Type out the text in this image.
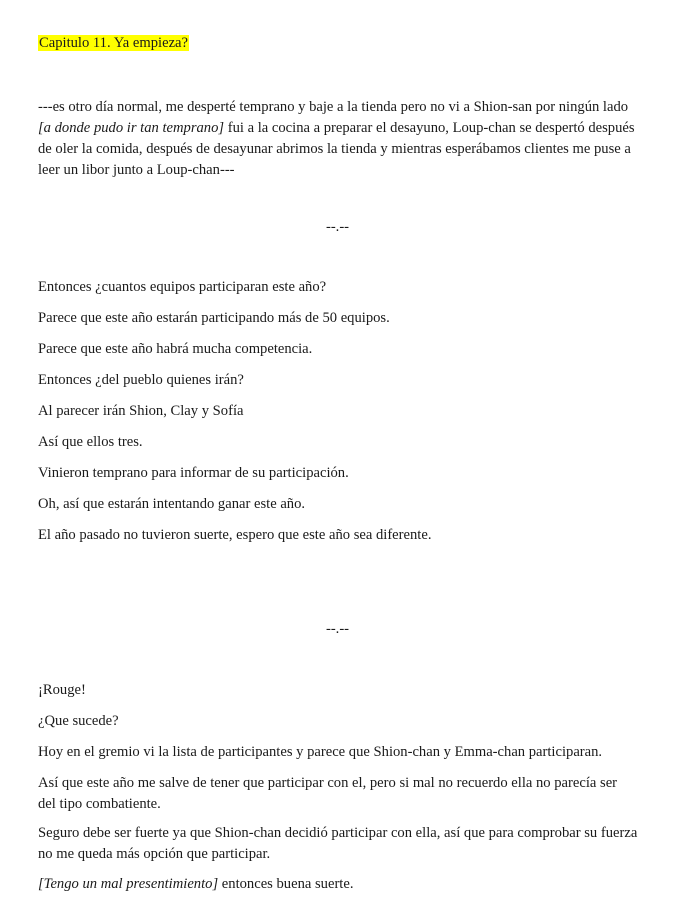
Capitulo 11. Ya empieza?

---es otro día normal, me desperté temprano y baje a la tienda pero no vi a Shion-san por ningún lado [a donde pudo ir tan temprano] fui a la cocina a preparar el desayuno, Loup-chan se despertó después de oler la comida, después de desayunar abrimos la tienda y mientras esperábamos clientes me puse a leer un libor junto a Loup-chan---

--.--

Entonces ¿cuantos equipos participaran este año?

Parece que este año estarán participando más de 50 equipos.

Parece que este año habrá mucha competencia.

Entonces ¿del pueblo quienes irán?

Al parecer irán Shion, Clay y Sofía

Así que ellos tres.

Vinieron temprano para informar de su participación.

Oh, así que estarán intentando ganar este año.

El año pasado no tuvieron suerte, espero que este año sea diferente.

--.--

¡Rouge!

¿Que sucede?

Hoy en el gremio vi la lista de participantes y parece que Shion-chan y Emma-chan participaran.

Así que este año me salve de tener que participar con el, pero si mal no recuerdo ella no parecía ser del tipo combatiente.

Seguro debe ser fuerte ya que Shion-chan decidió participar con ella, así que para comprobar su fuerza no me queda más opción que participar.

[Tengo un mal presentimiento] entonces buena suerte.
